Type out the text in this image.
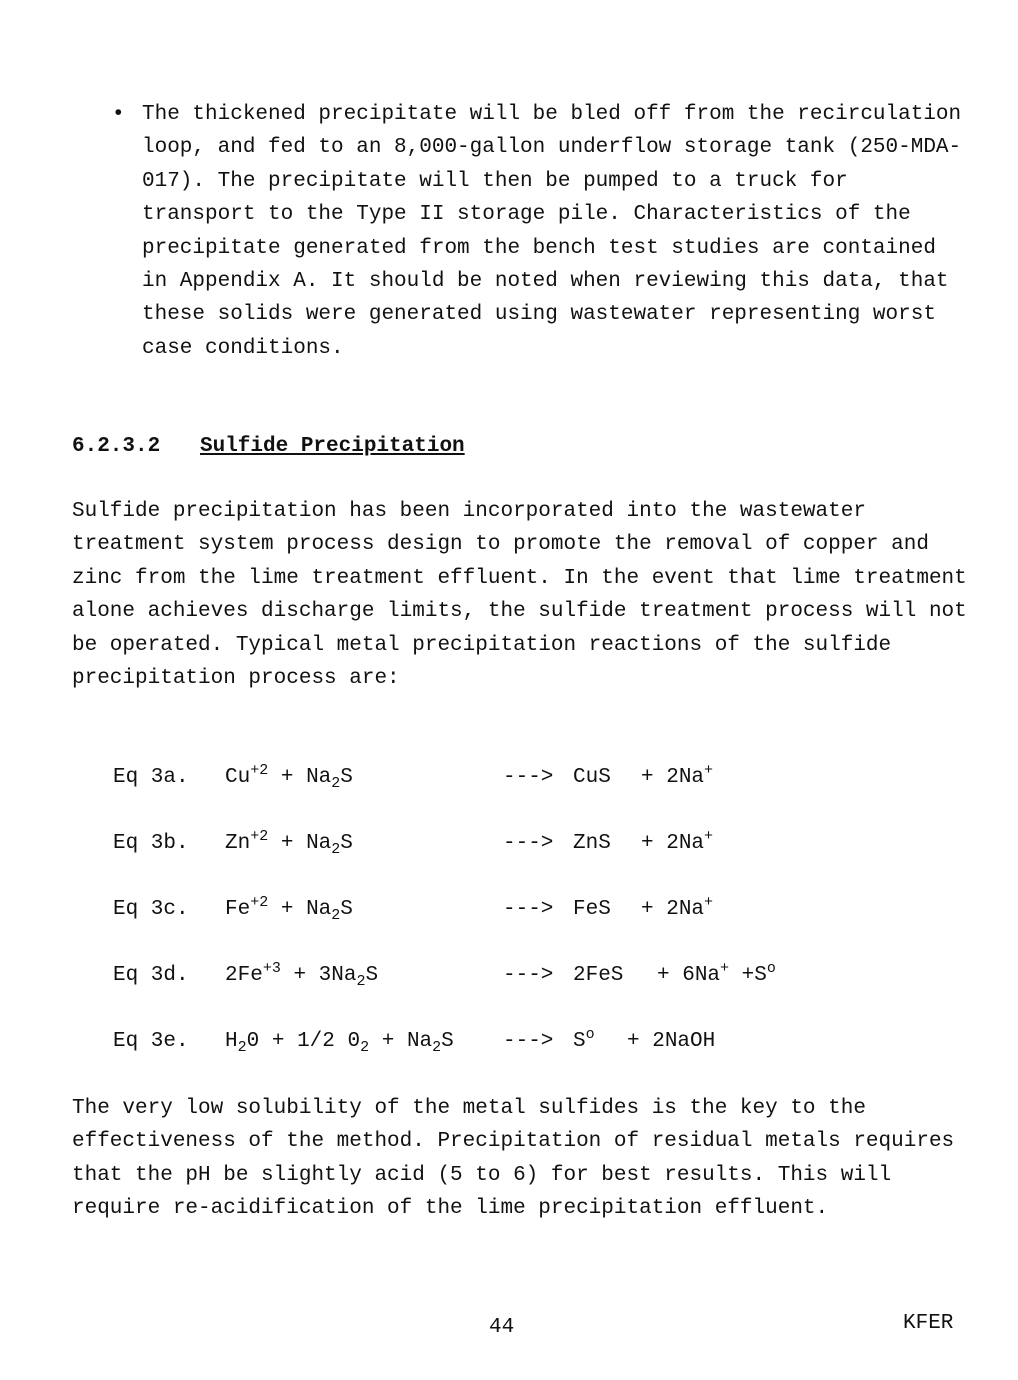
• The thickened precipitate will be bled off from the recirculation loop, and fed to an 8,000-gallon underflow storage tank (250-MDA-017). The precipitate will then be pumped to a truck for transport to the Type II storage pile. Characteristics of the precipitate generated from the bench test studies are contained in Appendix A. It should be noted when reviewing this data, that these solids were generated using wastewater representing worst case conditions.
6.2.3.2 Sulfide Precipitation
Sulfide precipitation has been incorporated into the wastewater treatment system process design to promote the removal of copper and zinc from the lime treatment effluent. In the event that lime treatment alone achieves discharge limits, the sulfide treatment process will not be operated. Typical metal precipitation reactions of the sulfide precipitation process are:
Eq 3a. $Cu^{+2} + Na_2S$	---> CuS + 2Na+
Eq 3b. $Zn^{+2} + Na_2S$	---> ZnS + 2Na+
Eq 3c. $Fe^{+2} + Na_2S$	---> FeS + 2Na+
Eq 3d. $2Fe^{+3} + 3Na_2S$	---> $2FeS + 6Na^+ +S^o$
Eq 3e. $H_20 + 1/2$ $0_2 + Na_2S$ ---> $S^o$ + 2NaOH
The very low solubility of the metal sulfides is the key to the effectiveness of the method. Precipitation of residual metals requires that the pH be slightly acid (5 to 6) for best results. This will require re-acidification of the lime precipitation effluent.
44	KFER
